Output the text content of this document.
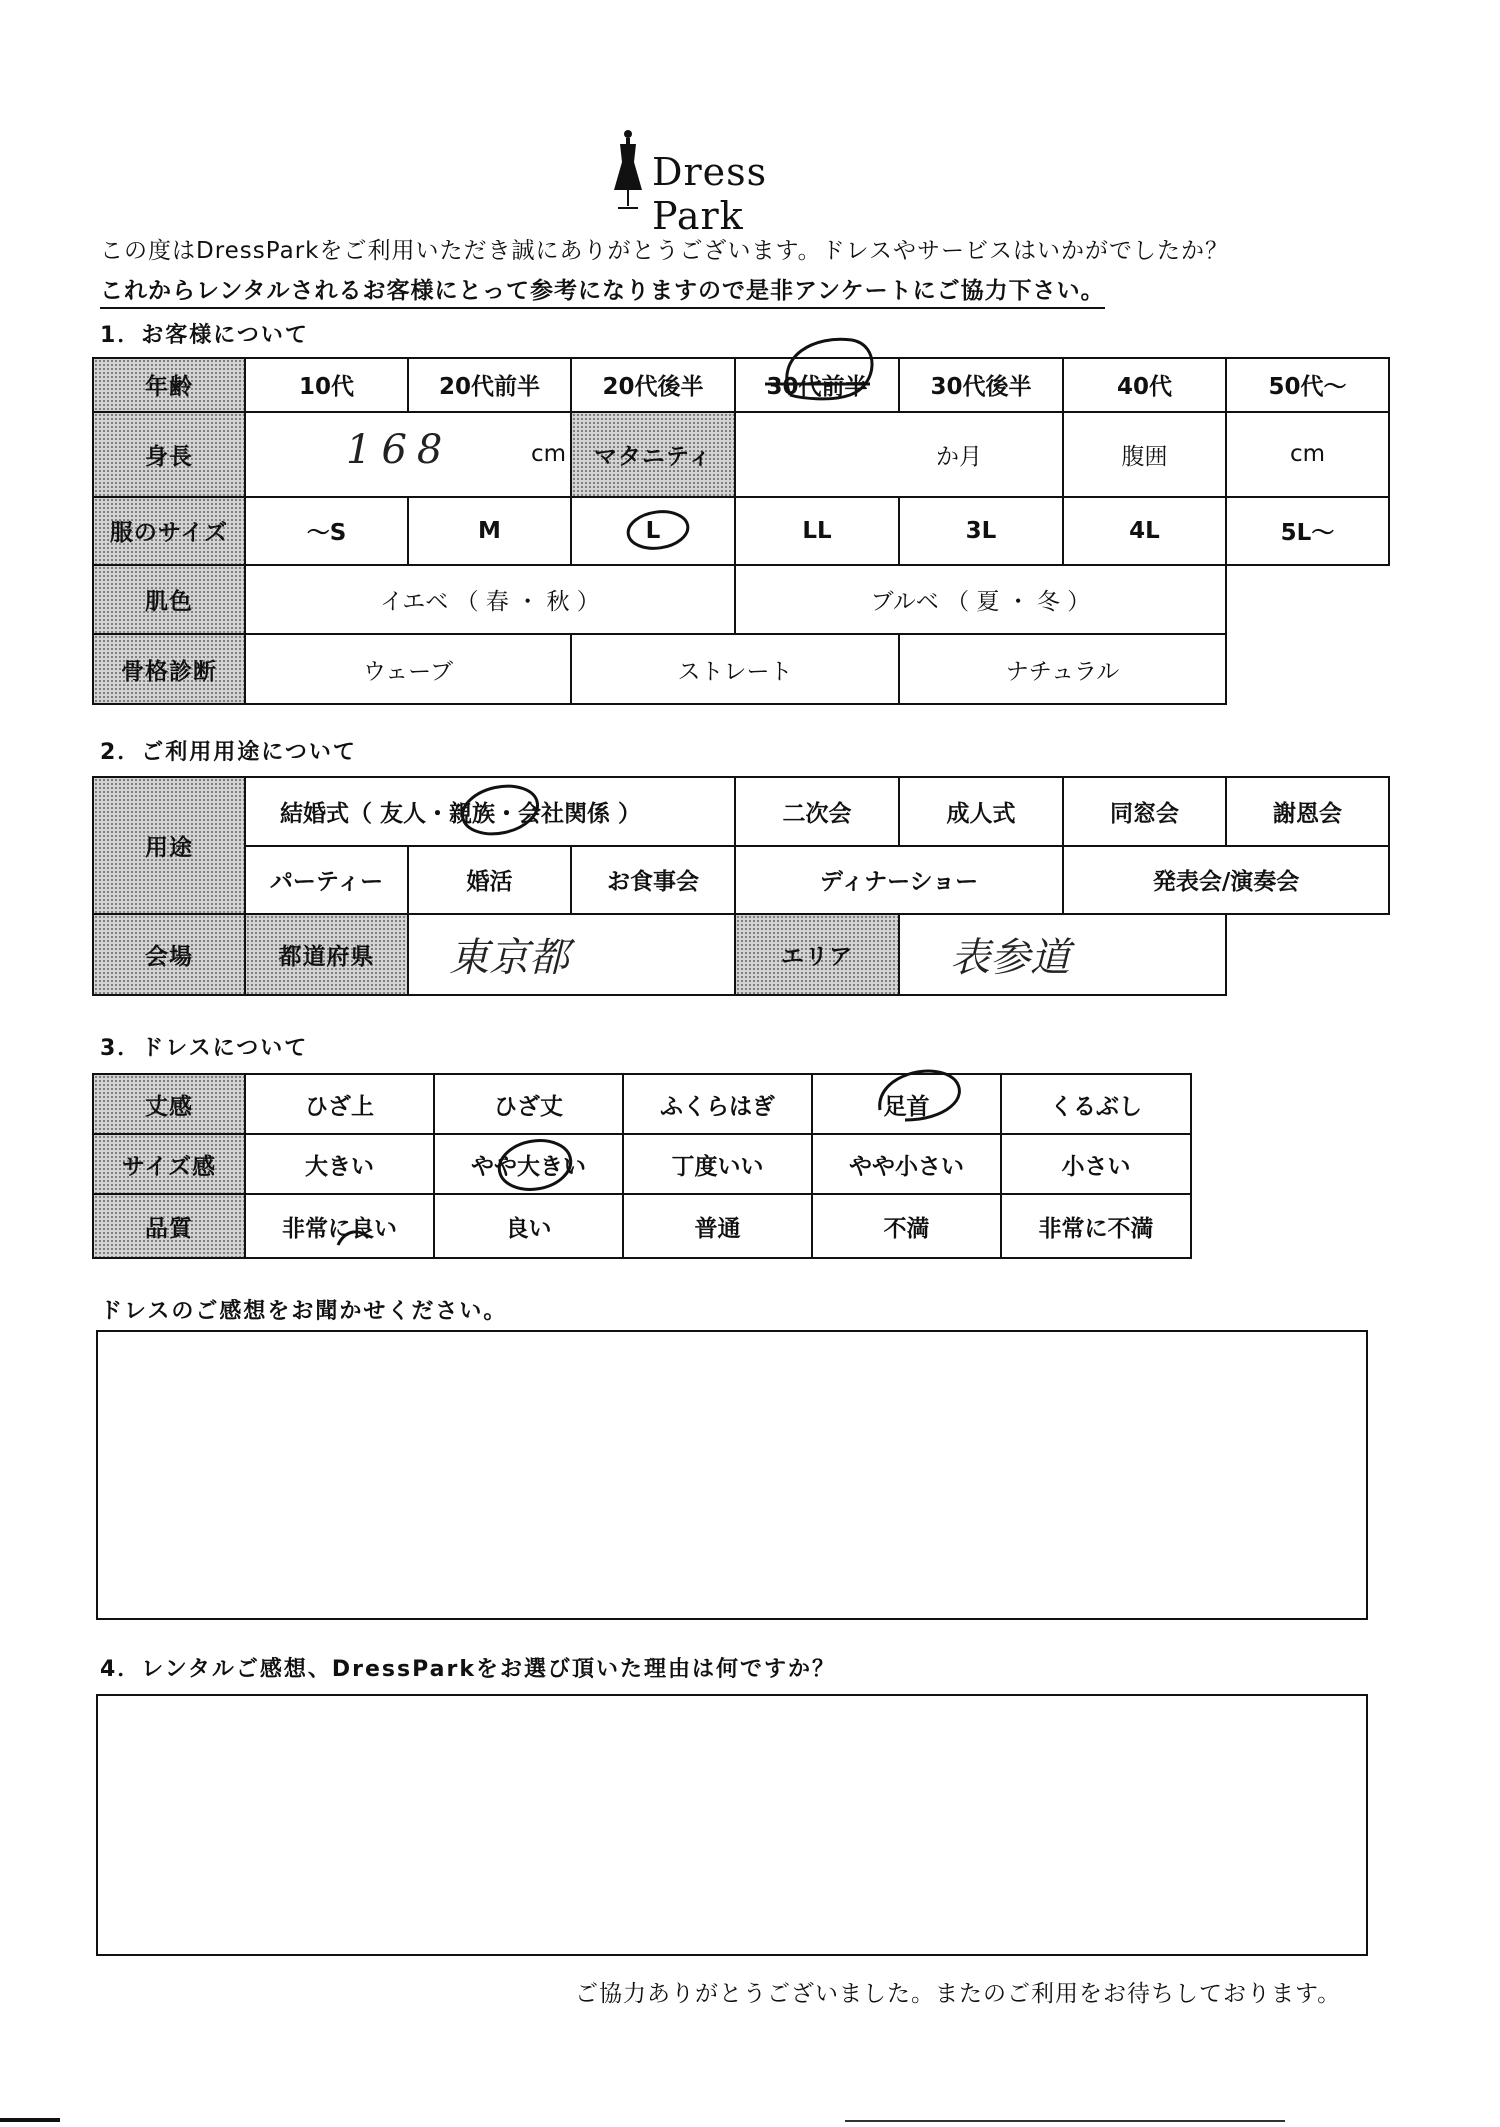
Dress Park
この度はDressParkをご利用いただき誠にありがとうございます。ドレスやサービスはいかがでしたか？
これからレンタルされるお客様にとって参考になりますので是非アンケートにご協力下さい。
1．お客様について
年齢	10代	20代前半	20代後半	30代前半	30代後半	40代	50代～
身長	168 cm		マタニティ	か月		腹囲	cm
服のサイズ	～S	M	L	LL	3L	4L	5L～
肌色	イエベ （ 春 ・ 秋 ）			ブルベ （ 夏 ・ 冬 ）			
骨格診断	ウェーブ		ストレート		ナチュラル		
2．ご利用用途について
用途	結婚式（ 友人・親族・会社関係 ）			二次会	成人式	同窓会	謝恩会
	パーティー	婚活	お食事会	ディナーショー		発表会/演奏会	
会場	都道府県	東京都		エリア	表参道		
3．ドレスについて
丈感	ひざ上	ひざ丈	ふくらはぎ	足首	くるぶし
サイズ感	大きい	やや大きい	丁度いい	やや小さい	小さい
品質	非常に良い	良い	普通	不満	非常に不満
ドレスのご感想をお聞かせください。
4．レンタルご感想、DressParkをお選び頂いた理由は何ですか？
ご協力ありがとうございました。またのご利用をお待ちしております。
